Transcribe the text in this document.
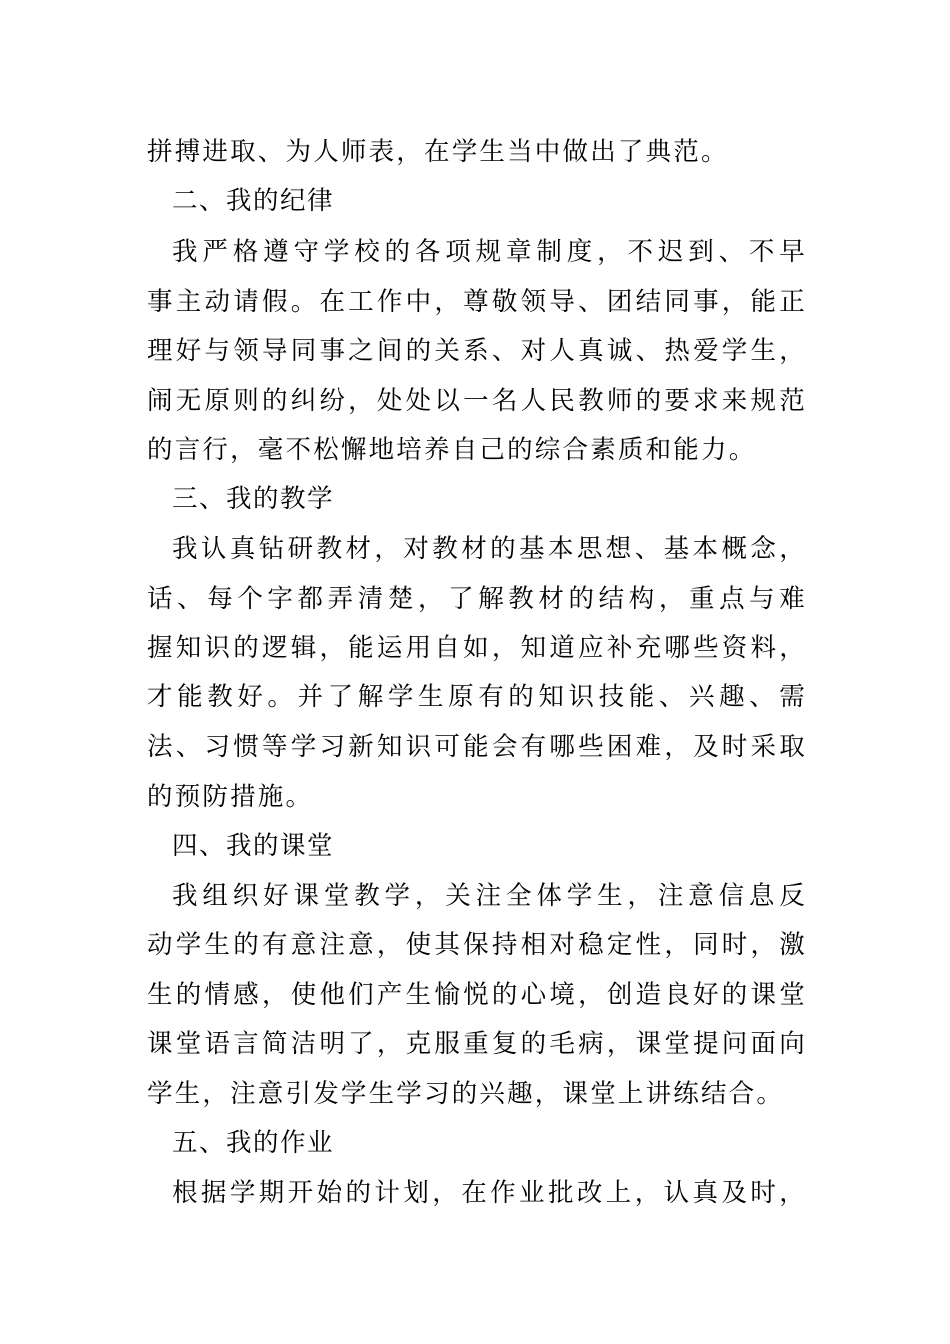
拼搏进取、为人师表，在学生当中做出了典范。
二、我的纪律
我严格遵守学校的各项规章制度，不迟到、不早
事主动请假。在工作中，尊敬领导、团结同事，能正
理好与领导同事之间的关系、对人真诚、热爱学生，
闹无原则的纠纷，处处以一名人民教师的要求来规范
的言行，毫不松懈地培养自己的综合素质和能力。
三、我的教学
我认真钻研教材，对教材的基本思想、基本概念，
话、每个字都弄清楚，了解教材的结构，重点与难
握知识的逻辑，能运用自如，知道应补充哪些资料，
才能教好。并了解学生原有的知识技能、兴趣、需
法、习惯等学习新知识可能会有哪些困难，及时采取
的预防措施。
四、我的课堂
我组织好课堂教学，关注全体学生，注意信息反
动学生的有意注意，使其保持相对稳定性，同时，激
生的情感，使他们产生愉悦的心境，创造良好的课堂
课堂语言简洁明了，克服重复的毛病，课堂提问面向
学生，注意引发学生学习的兴趣，课堂上讲练结合。
五、我的作业
根据学期开始的计划，在作业批改上，认真及时，
